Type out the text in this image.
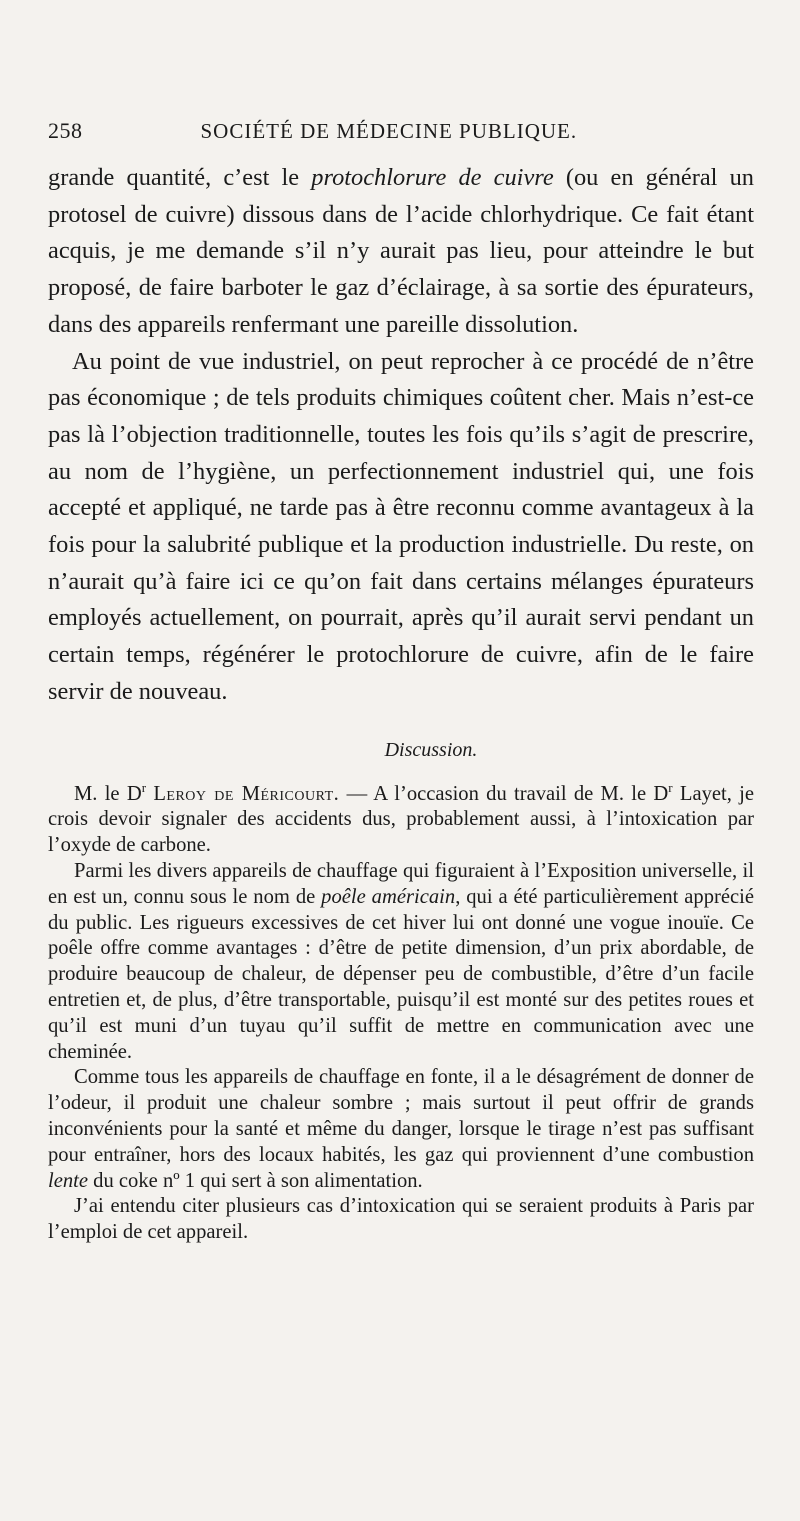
258	SOCIÉTÉ DE MÉDECINE PUBLIQUE.

grande quantité, c’est le protochlorure de cuivre (ou en général un protosel de cuivre) dissous dans de l’acide chlorhydrique. Ce fait étant acquis, je me demande s’il n’y aurait pas lieu, pour atteindre le but proposé, de faire barboter le gaz d’éclairage, à sa sortie des épurateurs, dans des appareils renfermant une pareille dissolution.

Au point de vue industriel, on peut reprocher à ce procédé de n’être pas économique ; de tels produits chimiques coûtent cher. Mais n’est-ce pas là l’objection traditionnelle, toutes les fois qu’ils s’agit de prescrire, au nom de l’hygiène, un perfectionnement industriel qui, une fois accepté et appliqué, ne tarde pas à être reconnu comme avantageux à la fois pour la salubrité publique et la production industrielle. Du reste, on n’aurait qu’à faire ici ce qu’on fait dans certains mélanges épurateurs employés actuellement, on pourrait, après qu’il aurait servi pendant un certain temps, régénérer le protochlorure de cuivre, afin de le faire servir de nouveau.

Discussion.

M. le $D^r$ Leroy de Méricourt. — A l’occasion du travail de M. le $D^r$ Layet, je crois devoir signaler des accidents dus, probablement aussi, à l’intoxication par l’oxyde de carbone.

Parmi les divers appareils de chauffage qui figuraient à l’Exposition universelle, il en est un, connu sous le nom de poêle américain, qui a été particulièrement apprécié du public. Les rigueurs excessives de cet hiver lui ont donné une vogue inouïe. Ce poêle offre comme avantages : d’être de petite dimension, d’un prix abordable, de produire beaucoup de chaleur, de dépenser peu de combustible, d’être d’un facile entretien et, de plus, d’être transportable, puisqu’il est monté sur des petites roues et qu’il est muni d’un tuyau qu’il suffit de mettre en communication avec une cheminée.

Comme tous les appareils de chauffage en fonte, il a le désagrément de donner de l’odeur, il produit une chaleur sombre ; mais surtout il peut offrir de grands inconvénients pour la santé et même du danger, lorsque le tirage n’est pas suffisant pour entraîner, hors des locaux habités, les gaz qui proviennent d’une combustion lente du coke nº 1 qui sert à son alimentation.

J’ai entendu citer plusieurs cas d’intoxication qui se seraient produits à Paris par l’emploi de cet appareil.
